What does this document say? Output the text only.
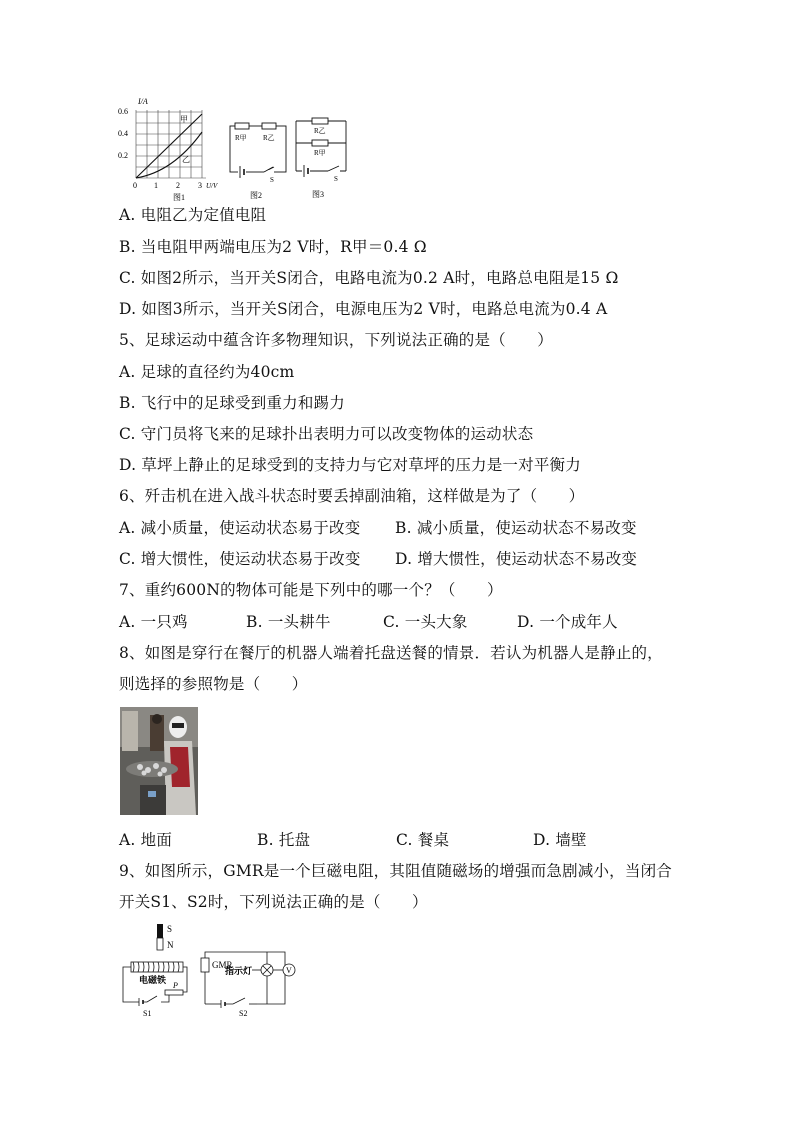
I/A
0.6
0.4
0.2
0 1 2 3 U/V
甲
乙
图1
R甲 R乙
S
图2
R乙
R甲
S
图3
A. 电阻乙为定值电阻
B. 当电阻甲两端电压为2 V时，R甲＝0.4 Ω
C. 如图2所示，当开关S闭合，电路电流为0.2 A时，电路总电阻是15 Ω
D. 如图3所示，当开关S闭合，电源电压为2 V时，电路总电流为0.4 A
5、足球运动中蕴含许多物理知识，下列说法正确的是（　　）
A. 足球的直径约为40cm
B. 飞行中的足球受到重力和踢力
C. 守门员将飞来的足球扑出表明力可以改变物体的运动状态
D. 草坪上静止的足球受到的支持力与它对草坪的压力是一对平衡力
6、歼击机在进入战斗状态时要丢掉副油箱，这样做是为了（　　）
A. 减小质量，使运动状态易于改变 B. 减小质量，使运动状态不易改变
C. 增大惯性，使运动状态易于改变 D. 增大惯性，使运动状态不易改变
7、重约600N的物体可能是下列中的哪一个？（　　）
A. 一只鸡	B. 一头耕牛	C. 一头大象	D. 一个成年人
8、如图是穿行在餐厅的机器人端着托盘送餐的情景．若认为机器人是静止的，
则选择的参照物是（　　）
A. 地面	B. 托盘	C. 餐桌	D. 墙壁
9、如图所示，GMR是一个巨磁电阻，其阻值随磁场的增强而急剧减小，当闭合
开关S1、S2时，下列说法正确的是（　　）
S
N
电磁铁
P
S1
GMR
指示灯	V
S2
